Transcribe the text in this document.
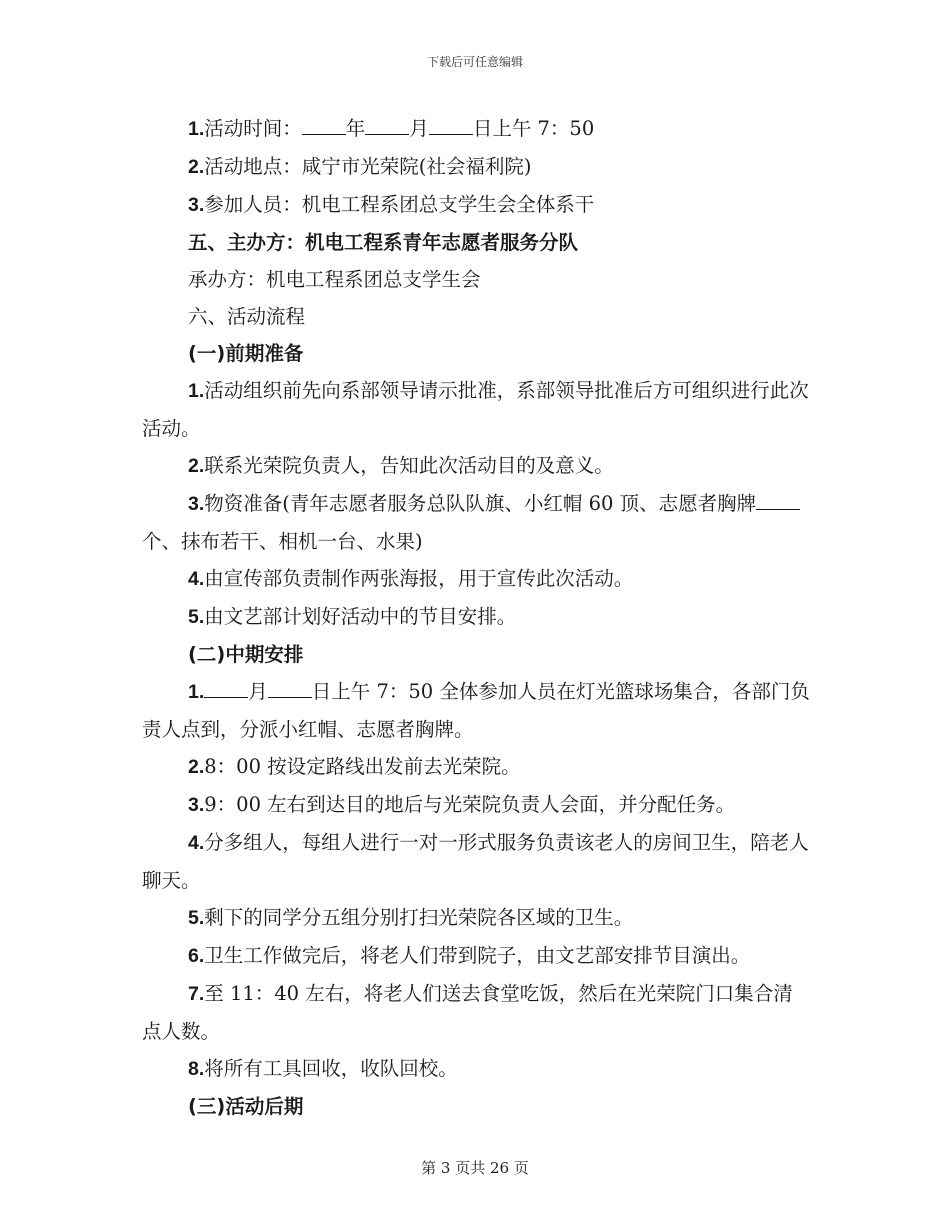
下载后可任意编辑

1.活动时间： 年 月 日上午 7：50

2.活动地点：咸宁市光荣院(社会福利院)

3.参加人员：机电工程系团总支学生会全体系干

五、主办方：机电工程系青年志愿者服务分队

承办方：机电工程系团总支学生会

六、活动流程

(一)前期准备

1.活动组织前先向系部领导请示批准，系部领导批准后方可组织进行此次活动。

2.联系光荣院负责人，告知此次活动目的及意义。

3.物资准备(青年志愿者服务总队队旗、小红帽 60 顶、志愿者胸牌个、抹布若干、相机一台、水果)

4.由宣传部负责制作两张海报，用于宣传此次活动。

5.由文艺部计划好活动中的节目安排。

(二)中期安排

1. 月 日上午 7：50 全体参加人员在灯光篮球场集合，各部门负责人点到，分派小红帽、志愿者胸牌。

2.8：00 按设定路线出发前去光荣院。

3.9：00 左右到达目的地后与光荣院负责人会面，并分配任务。

4.分多组人，每组人进行一对一形式服务负责该老人的房间卫生，陪老人聊天。

5.剩下的同学分五组分别打扫光荣院各区域的卫生。

6.卫生工作做完后，将老人们带到院子，由文艺部安排节目演出。

7.至 11：40 左右，将老人们送去食堂吃饭，然后在光荣院门口集合清点人数。

8.将所有工具回收，收队回校。

(三)活动后期

第 3 页共 26 页
